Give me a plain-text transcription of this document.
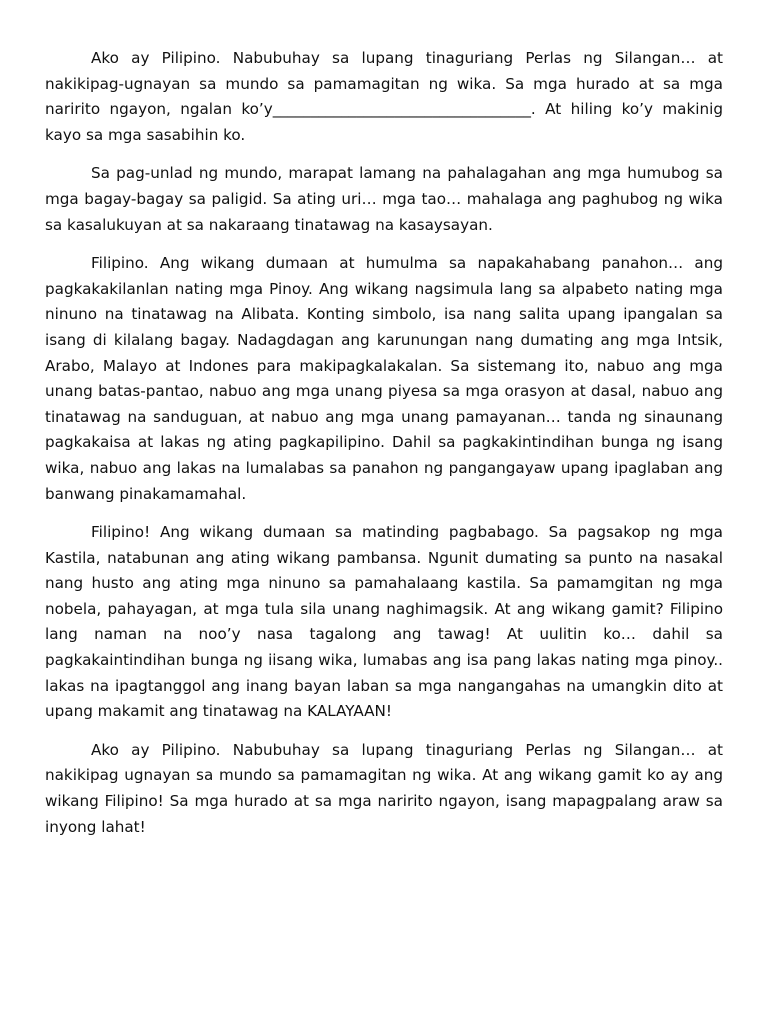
Ako ay Pilipino. Nabubuhay sa lupang tinaguriang Perlas ng Silangan… at nakikipag-ugnayan sa mundo sa pamamagitan ng wika. Sa mga hurado at sa mga naririto ngayon, ngalan ko’y__________________________________. At hiling ko’y makinig kayo sa mga sasabihin ko.

Sa pag-unlad ng mundo, marapat lamang na pahalagahan ang mga humubog sa mga bagay-bagay sa paligid. Sa ating uri… mga tao… mahalaga ang paghubog ng wika sa kasalukuyan at sa nakaraang tinatawag na kasaysayan.

Filipino. Ang wikang dumaan at humulma sa napakahabang panahon… ang pagkakakilanlan nating mga Pinoy. Ang wikang nagsimula lang sa alpabeto nating mga ninuno na tinatawag na Alibata. Konting simbolo, isa nang salita upang ipangalan sa isang di kilalang bagay. Nadagdagan ang karunungan nang dumating ang mga Intsik, Arabo, Malayo at Indones para makipagkalakalan. Sa sistemang ito, nabuo ang mga unang batas-pantao, nabuo ang mga unang piyesa sa mga orasyon at dasal, nabuo ang tinatawag na sanduguan, at nabuo ang mga unang pamayanan… tanda ng sinaunang pagkakaisa at lakas ng ating pagkapilipino. Dahil sa pagkakintindihan bunga ng isang wika, nabuo ang lakas na lumalabas sa panahon ng pangangayaw upang ipaglaban ang banwang pinakamamahal.

Filipino! Ang wikang dumaan sa matinding pagbabago. Sa pagsakop ng mga Kastila, natabunan ang ating wikang pambansa. Ngunit dumating sa punto na nasakal nang husto ang ating mga ninuno sa pamahalaang kastila. Sa pamamgitan ng mga nobela, pahayagan, at mga tula sila unang naghimagsik. At ang wikang gamit? Filipino lang naman na noo’y nasa tagalong ang tawag! At uulitin ko… dahil sa pagkakaintindihan bunga ng iisang wika, lumabas ang isa pang lakas nating mga pinoy.. lakas na ipagtanggol ang inang bayan laban sa mga nangangahas na umangkin dito at upang makamit ang tinatawag na KALAYAAN!

Ako ay Pilipino. Nabubuhay sa lupang tinaguriang Perlas ng Silangan… at nakikipag ugnayan sa mundo sa pamamagitan ng wika. At ang wikang gamit ko ay ang wikang Filipino! Sa mga hurado at sa mga naririto ngayon, isang mapagpalang araw sa inyong lahat!
